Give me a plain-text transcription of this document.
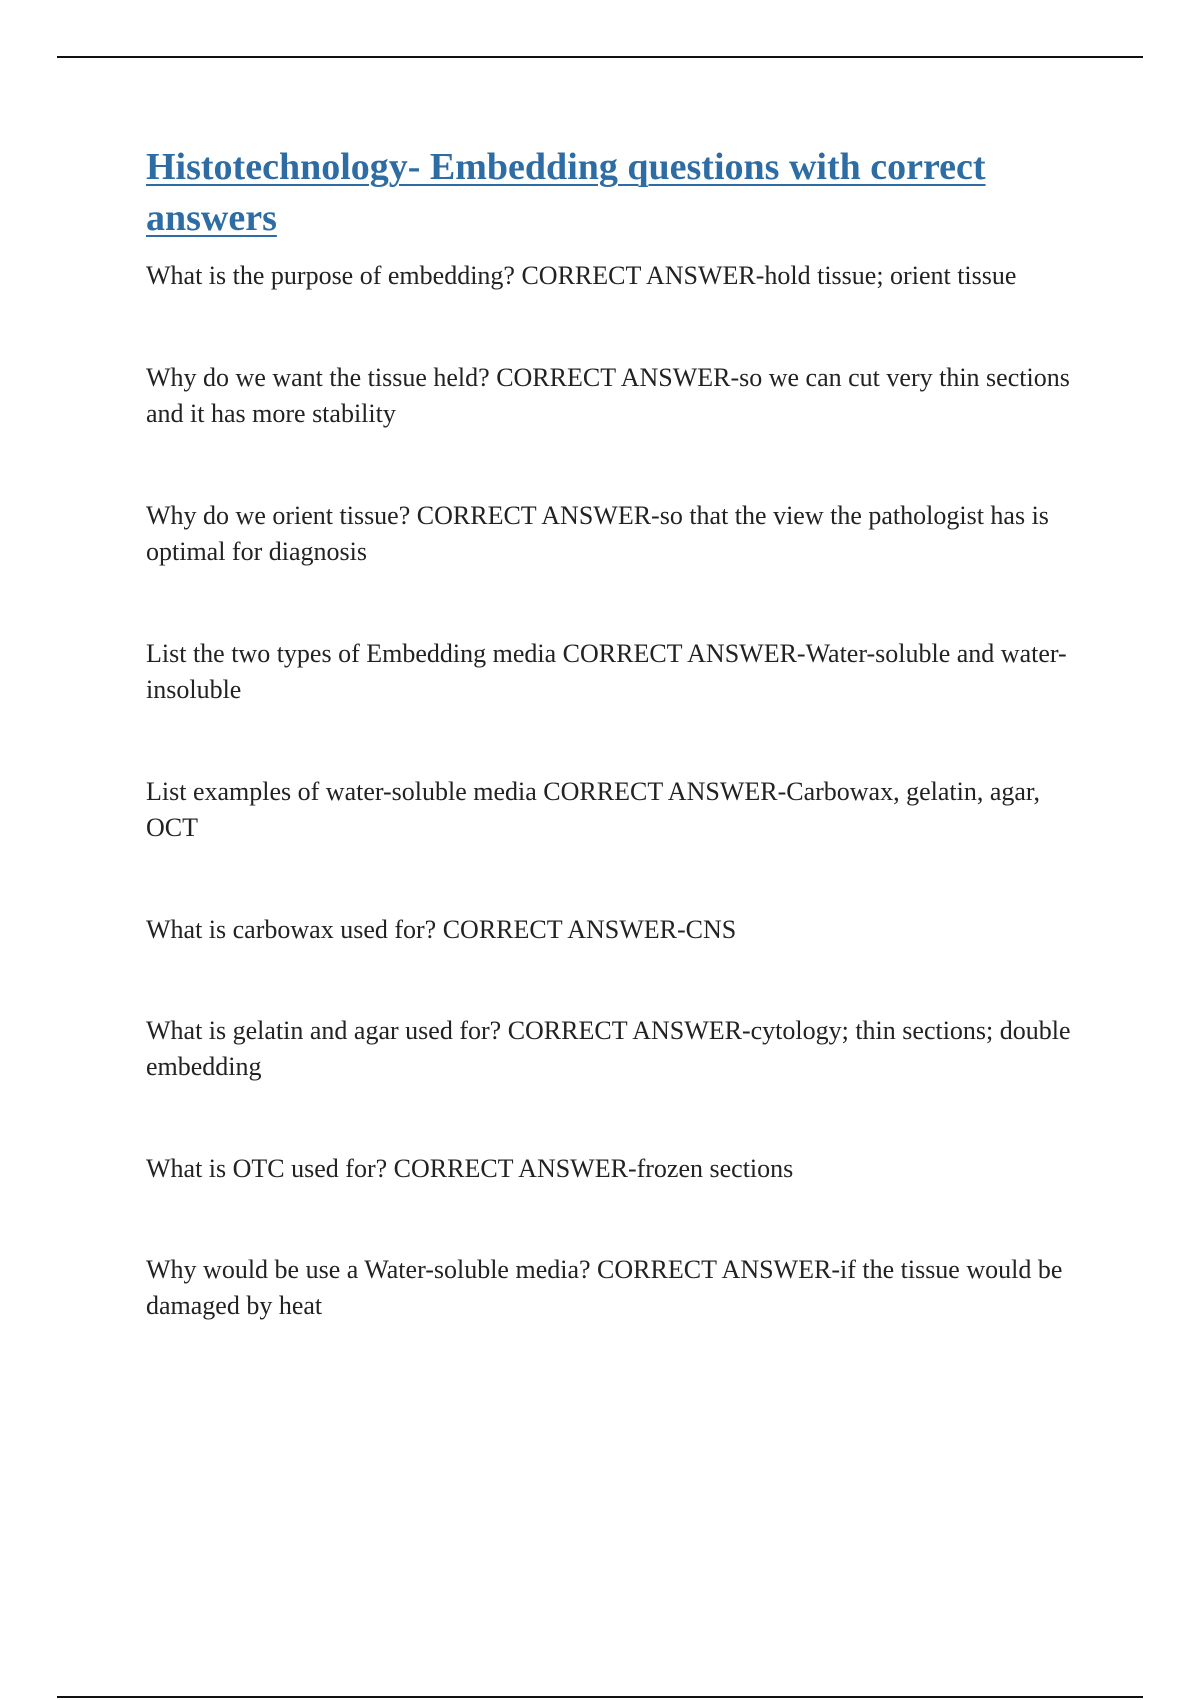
Histotechnology- Embedding questions with correct answers
What is the purpose of embedding? CORRECT ANSWER-hold tissue; orient tissue
Why do we want the tissue held? CORRECT ANSWER-so we can cut very thin sections and it has more stability
Why do we orient tissue? CORRECT ANSWER-so that the view the pathologist has is optimal for diagnosis
List the two types of Embedding media CORRECT ANSWER-Water-soluble and water-insoluble
List examples of water-soluble media CORRECT ANSWER-Carbowax, gelatin, agar, OCT
What is carbowax used for? CORRECT ANSWER-CNS
What is gelatin and agar used for? CORRECT ANSWER-cytology; thin sections; double embedding
What is OTC used for? CORRECT ANSWER-frozen sections
Why would be use a Water-soluble media? CORRECT ANSWER-if the tissue would be damaged by heat
